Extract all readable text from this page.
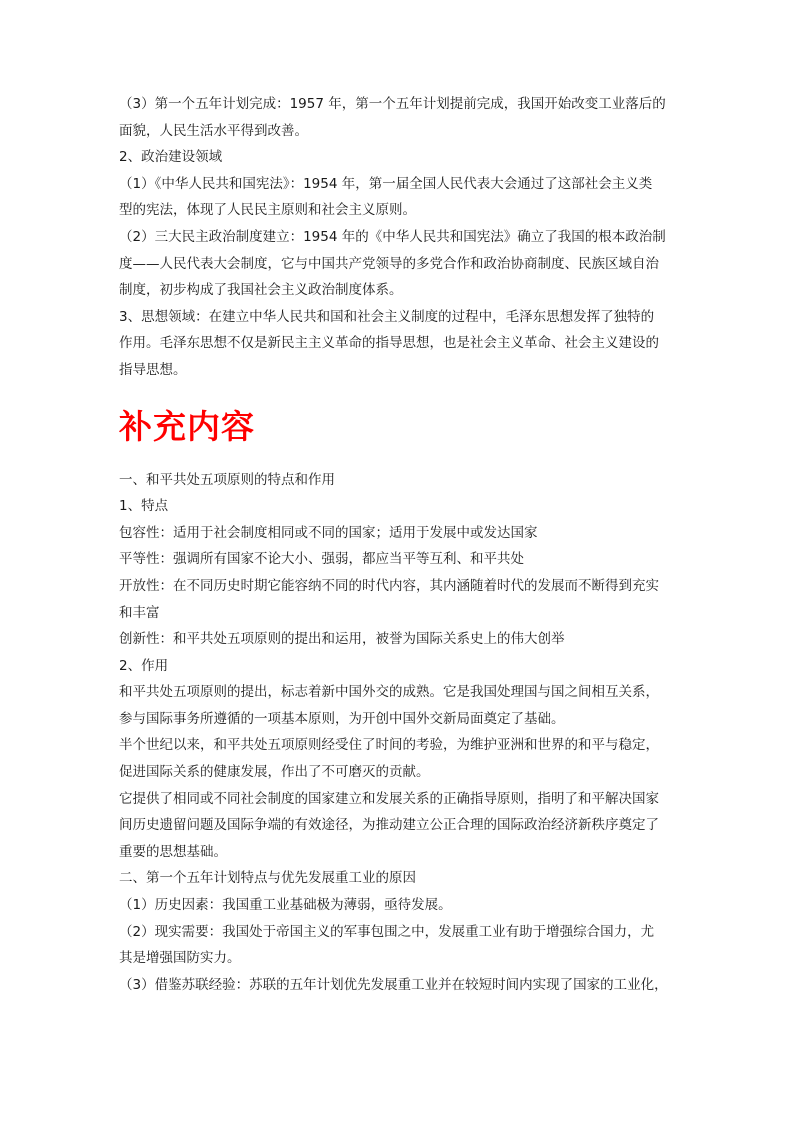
（3）第一个五年计划完成：1957 年，第一个五年计划提前完成，我国开始改变工业落后的
面貌，人民生活水平得到改善。
2、政治建设领域
（1）《中华人民共和国宪法》：1954 年，第一届全国人民代表大会通过了这部社会主义类
型的宪法，体现了人民民主原则和社会主义原则。
（2）三大民主政治制度建立：1954 年的《中华人民共和国宪法》确立了我国的根本政治制
度——人民代表大会制度，它与中国共产党领导的多党合作和政治协商制度、民族区域自治
制度，初步构成了我国社会主义政治制度体系。
3、思想领域：在建立中华人民共和国和社会主义制度的过程中，毛泽东思想发挥了独特的
作用。毛泽东思想不仅是新民主主义革命的指导思想，也是社会主义革命、社会主义建设的
指导思想。
补充内容
一、和平共处五项原则的特点和作用
1、特点
包容性：适用于社会制度相同或不同的国家；适用于发展中或发达国家
平等性：强调所有国家不论大小、强弱，都应当平等互利、和平共处
开放性：在不同历史时期它能容纳不同的时代内容，其内涵随着时代的发展而不断得到充实
和丰富
创新性：和平共处五项原则的提出和运用，被誉为国际关系史上的伟大创举
2、作用
和平共处五项原则的提出，标志着新中国外交的成熟。它是我国处理国与国之间相互关系，
参与国际事务所遵循的一项基本原则，为开创中国外交新局面奠定了基础。
半个世纪以来，和平共处五项原则经受住了时间的考验，为维护亚洲和世界的和平与稳定，
促进国际关系的健康发展，作出了不可磨灭的贡献。
它提供了相同或不同社会制度的国家建立和发展关系的正确指导原则，指明了和平解决国家
间历史遗留问题及国际争端的有效途径，为推动建立公正合理的国际政治经济新秩序奠定了
重要的思想基础。
二、第一个五年计划特点与优先发展重工业的原因
（1）历史因素：我国重工业基础极为薄弱，亟待发展。
（2）现实需要：我国处于帝国主义的军事包围之中，发展重工业有助于增强综合国力，尤
其是增强国防实力。
（3）借鉴苏联经验：苏联的五年计划优先发展重工业并在较短时间内实现了国家的工业化，
